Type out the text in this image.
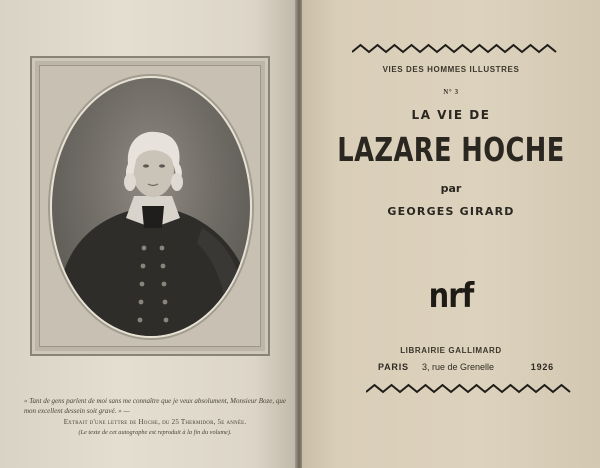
« Tant de gens parlent de moi sans me connaître que je veux absolument, Monsieur Boze, que mon excellent dessein soit gravé. » —
Extrait d'une lettre de Hoche, du 25 Thermidor, 5e année.
(Le texte de cet autographe est reproduit à la fin du volume).
VIES DES HOMMES ILLUSTRES
N° 3
LA VIE DE
LAZARE HOCHE
par
GEORGES GIRARD
nrf
LIBRAIRIE GALLIMARD
PARIS 3, rue de Grenelle	1926
